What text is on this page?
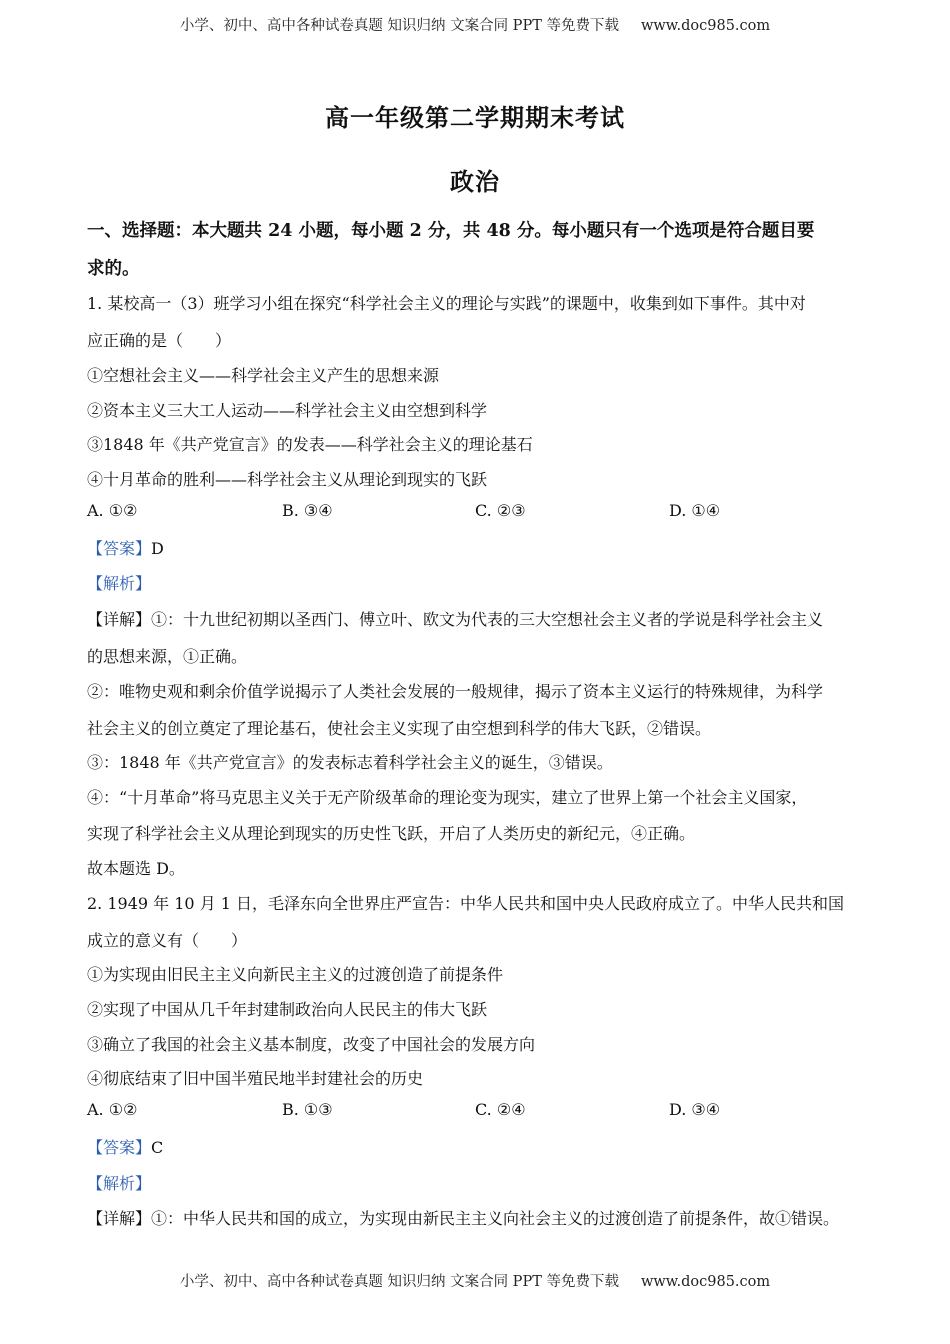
小学、初中、高中各种试卷真题 知识归纳 文案合同 PPT 等免费下载 www.doc985.com
高一年级第二学期期末考试
政治
一、选择题：本大题共 24 小题，每小题 2 分，共 48 分。每小题只有一个选项是符合题目要
求的。
1. 某校高一（3）班学习小组在探究“科学社会主义的理论与实践”的课题中，收集到如下事件。其中对
应正确的是（　　）
①空想社会主义——科学社会主义产生的思想来源
②资本主义三大工人运动——科学社会主义由空想到科学
③1848 年《共产党宣言》的发表——科学社会主义的理论基石
④十月革命的胜利——科学社会主义从理论到现实的飞跃
A. ①②	B. ③④	C. ②③	D. ①④
【答案】D
【解析】
【详解】①：十九世纪初期以圣西门、傅立叶、欧文为代表的三大空想社会主义者的学说是科学社会主义
的思想来源，①正确。
②：唯物史观和剩余价值学说揭示了人类社会发展的一般规律，揭示了资本主义运行的特殊规律，为科学
社会主义的创立奠定了理论基石，使社会主义实现了由空想到科学的伟大飞跃，②错误。
③：1848 年《共产党宣言》的发表标志着科学社会主义的诞生，③错误。
④：“十月革命”将马克思主义关于无产阶级革命的理论变为现实，建立了世界上第一个社会主义国家，
实现了科学社会主义从理论到现实的历史性飞跃，开启了人类历史的新纪元，④正确。
故本题选 D。
2. 1949 年 10 月 1 日，毛泽东向全世界庄严宣告：中华人民共和国中央人民政府成立了。中华人民共和国
成立的意义有（　　）
①为实现由旧民主主义向新民主主义的过渡创造了前提条件
②实现了中国从几千年封建制政治向人民民主的伟大飞跃
③确立了我国的社会主义基本制度，改变了中国社会的发展方向
④彻底结束了旧中国半殖民地半封建社会的历史
A. ①②	B. ①③	C. ②④	D. ③④
【答案】C
【解析】
【详解】①：中华人民共和国的成立，为实现由新民主主义向社会主义的过渡创造了前提条件，故①错误。
小学、初中、高中各种试卷真题 知识归纳 文案合同 PPT 等免费下载 www.doc985.com
